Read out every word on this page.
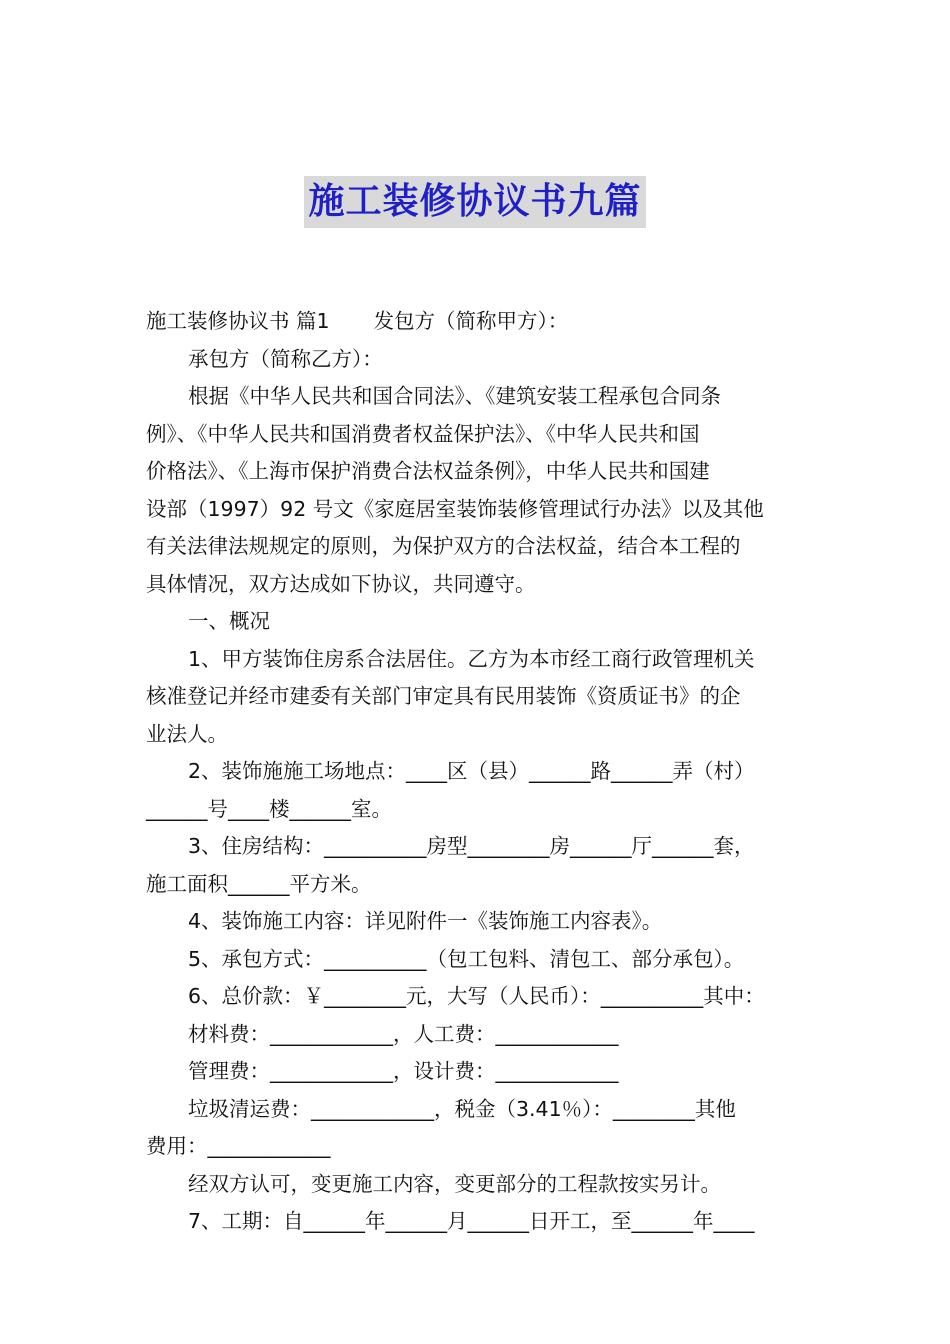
施工装修协议书九篇

施工装修协议书 篇1 发包方（简称甲方）：

承包方（简称乙方）：

根据《中华人民共和国合同法》、《建筑安装工程承包合同条

例》、《中华人民共和国消费者权益保护法》、《中华人民共和国

价格法》、《上海市保护消费合法权益条例》，中华人民共和国建

设部（1997）92 号文《家庭居室装饰装修管理试行办法》以及其他

有关法律法规规定的原则，为保护双方的合法权益，结合本工程的

具体情况，双方达成如下协议，共同遵守。

一、概况

1、甲方装饰住房系合法居住。乙方为本市经工商行政管理机关

核准登记并经市建委有关部门审定具有民用装饰《资质证书》的企

业法人。

2、装饰施施工场地点：____区（县）______路______弄（村）

______号____楼______室。

3、住房结构：__________房型________房______厅______套，

施工面积______平方米。

4、装饰施工内容：详见附件一《装饰施工内容表》。

5、承包方式：__________（包工包料、清包工、部分承包）。

6、总价款：￥________元，大写（人民币）：__________其中：

材料费：____________，人工费：____________

管理费：____________，设计费：____________

垃圾清运费：____________，税金（3.41％）：________其他

费用：____________

经双方认可，变更施工内容，变更部分的工程款按实另计。

7、工期：自______年______月______日开工，至______年____
